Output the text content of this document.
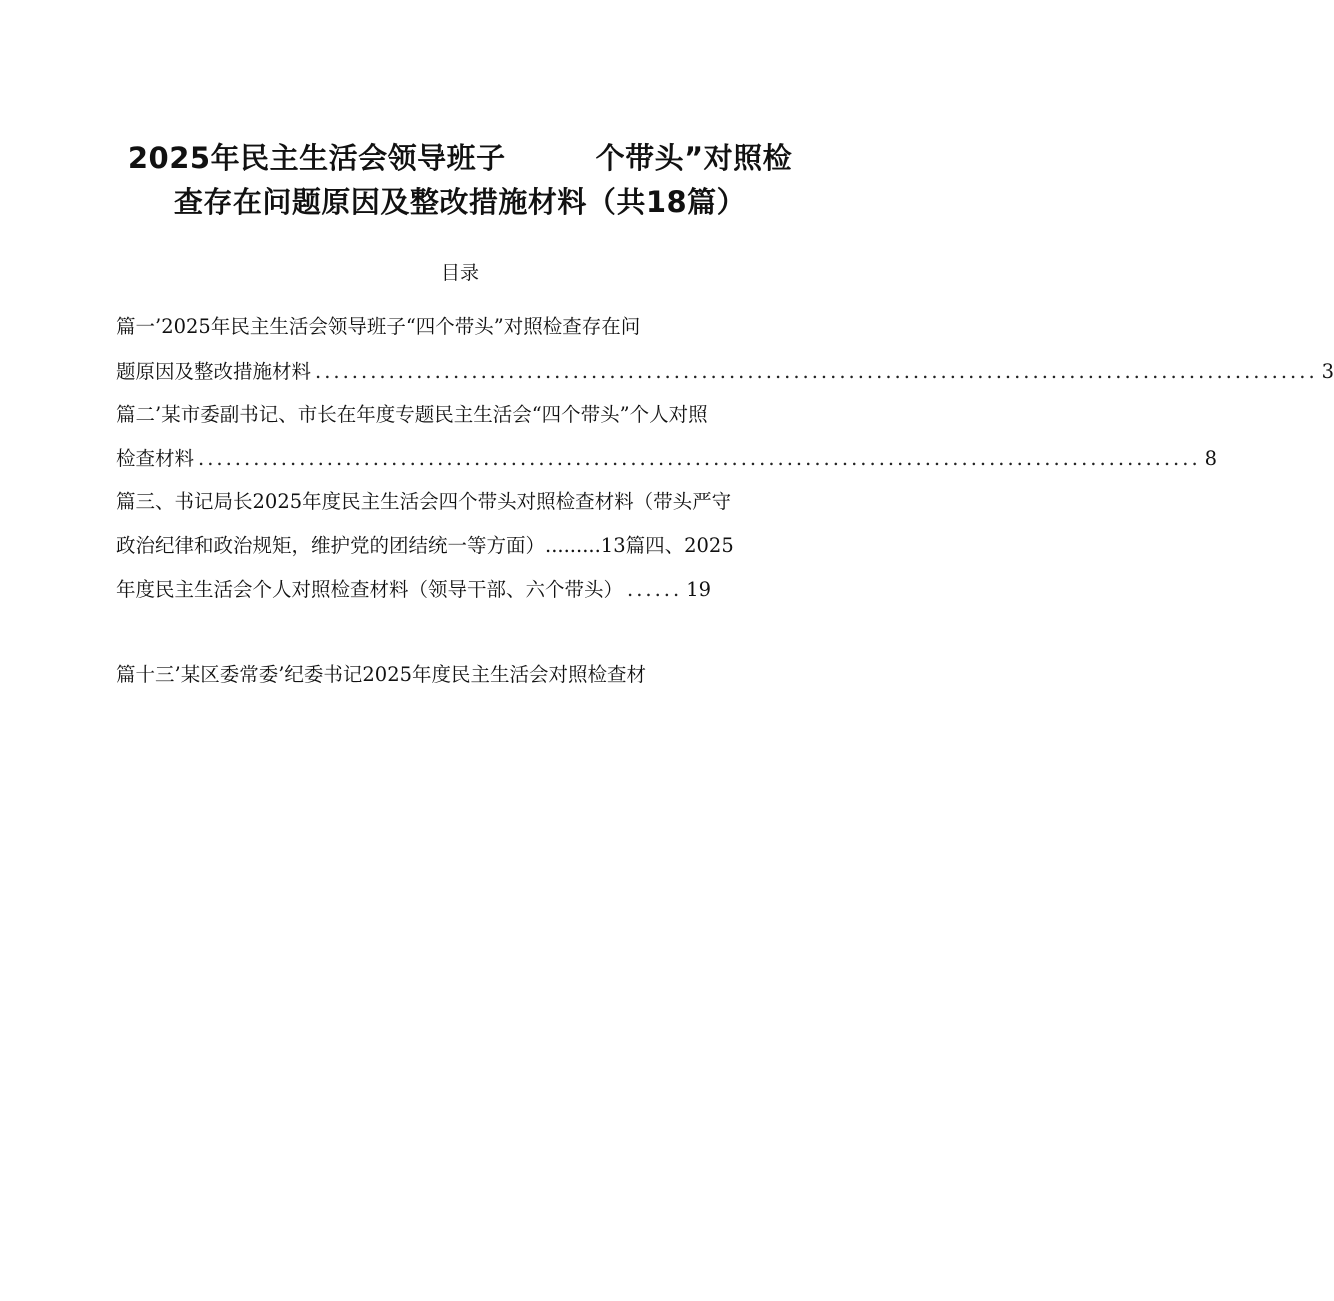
2025年民主生活会领导班子	个带头”对照检
查存在问题原因及整改措施材料（共18篇）
目录
篇一’2025年民主生活会领导班子“四个带头”对照检查存在问
题原因及整改措施材料 ............................................................................................................. 3
篇二’某市委副书记、市长在年度专题民主生活会“四个带头”个人对照
检查材料 ............................................................................................................. 8
篇三、书记局长2025年度民主生活会四个带头对照检查材料（带头严守
政治纪律和政治规矩，维护党的团结统一等方面）.........13篇四、2025
年度民主生活会个人对照检查材料（领导干部、六个带头） ...... 19
篇十三’某区委常委’纪委书记2025年度民主生活会对照检查材
